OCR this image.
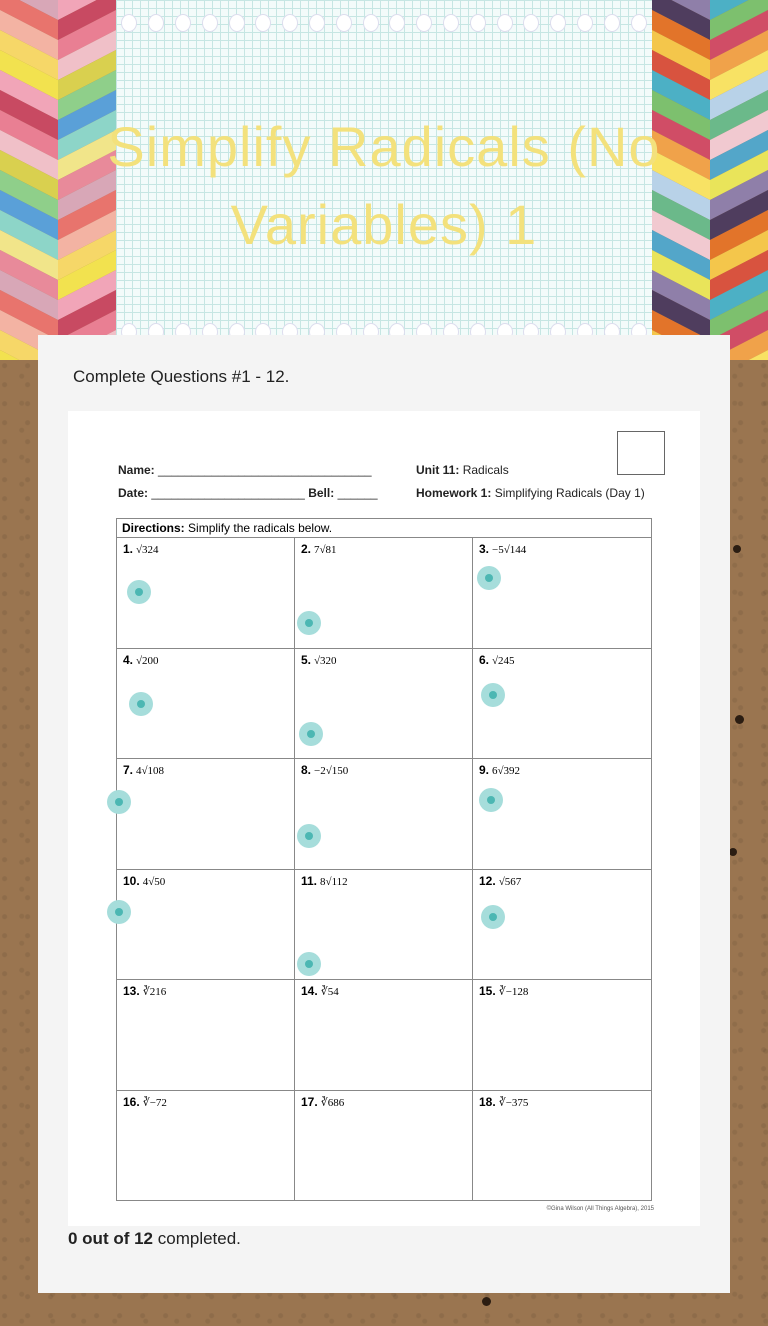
Simplify Radicals (No Variables) 1
Complete Questions #1 - 12.
Name: ________________________________
Date: _______________________ Bell: ______
Unit 11: Radicals
Homework 1: Simplifying Radicals (Day 1)
Directions: Simplify the radicals below.
1. √324	2. 7√81	3. −5√144
4. √200	5. √320	6. √245
7. 4√108	8. −2√150	9. 6√392
10. 4√50	11. 8√112	12. √567
13. ∛216	14. ∛54	15. ∛−128
16. ∛−72	17. ∛686	18. ∛−375
©Gina Wilson (All Things Algebra), 2015
0 out of 12 completed.
